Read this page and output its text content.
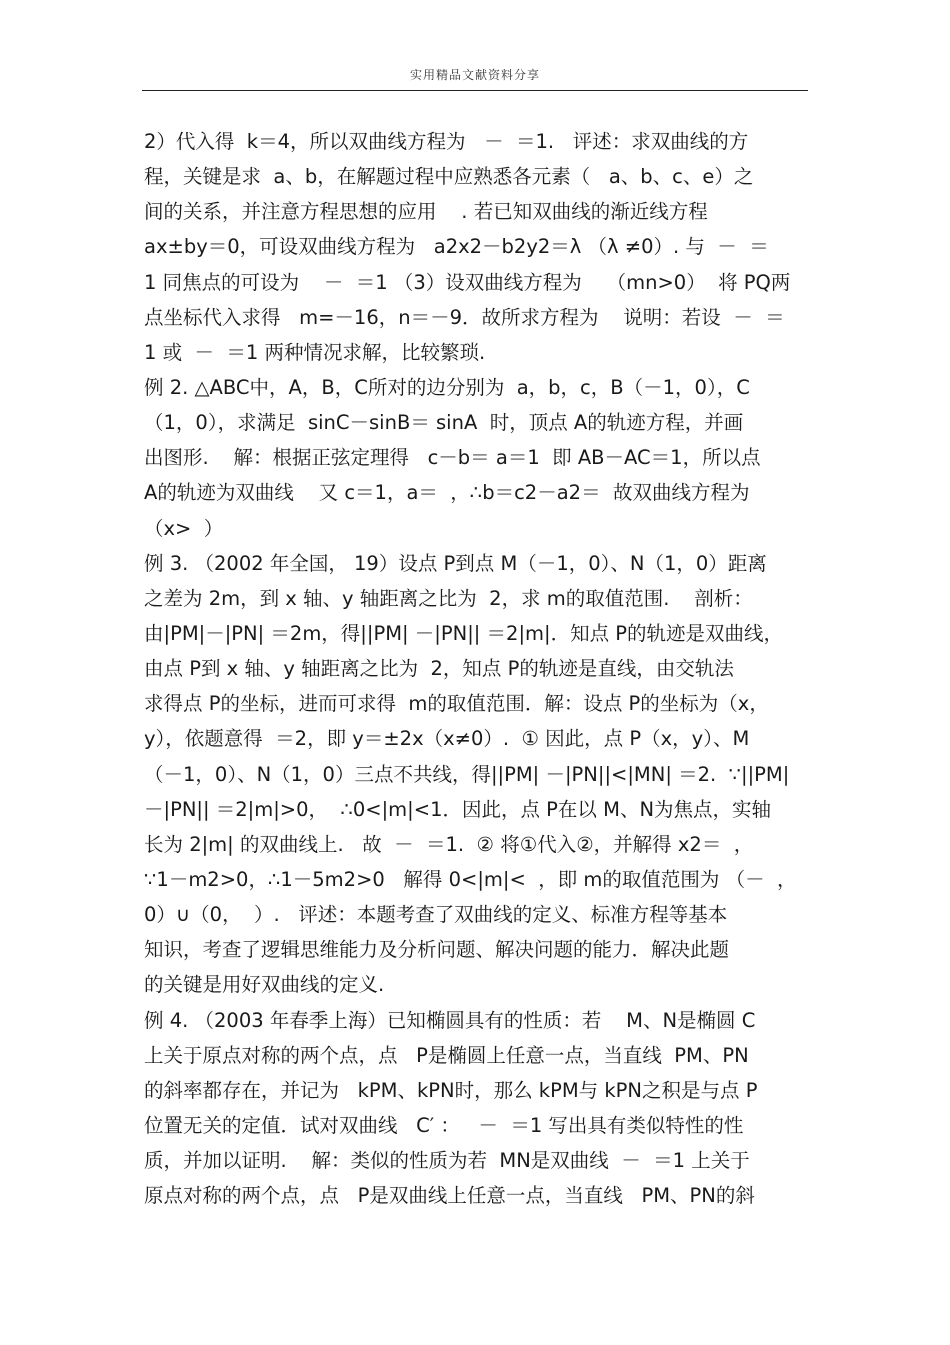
实用精品文献资料分享
2）代入得  k＝4，所以双曲线方程为   －  ＝1.   评述：求双曲线的方
程，关键是求  a、b，在解题过程中应熟悉各元素（   a、b、c、e）之
间的关系，并注意方程思想的应用    . 若已知双曲线的渐近线方程
ax±by＝0，可设双曲线方程为   a2x2－b2y2＝λ （λ ≠0）. 与  －  ＝
1 同焦点的可设为    －  ＝1 （3）设双曲线方程为    （mn>0）  将 PQ两
点坐标代入求得   m=－16，n＝－9．故所求方程为    说明：若设  －  ＝
1 或  －  ＝1 两种情况求解，比较繁琐.
例 2. △ABC中，A，B，C所对的边分别为  a，b，c，B（－1，0），C
（1，0），求满足  sinC－sinB＝ sinA  时，顶点 A的轨迹方程，并画
出图形.    解：根据正弦定理得   c－b＝ a＝1  即 AB－AC＝1，所以点
A的轨迹为双曲线    又 c＝1，a＝  ，∴b＝c2－a2＝  故双曲线方程为
（x>  ）
例 3. （2002 年全国， 19）设点 P到点 M（－1，0）、N（1，0）距离
之差为 2m，到 x 轴、y 轴距离之比为  2，求 m的取值范围.    剖析：
由|PM|－|PN| ＝2m，得||PM| －|PN|| ＝2|m|．知点 P的轨迹是双曲线，
由点 P到 x 轴、y 轴距离之比为  2，知点 P的轨迹是直线，由交轨法
求得点 P的坐标，进而可求得  m的取值范围．解：设点 P的坐标为（x，
y），依题意得  ＝2，即 y＝±2x（x≠0）.  ① 因此，点 P（x，y）、M
（－1，0）、N（1，0）三点不共线，得||PM| －|PN||<|MN| ＝2.  ∵||PM|
－|PN|| ＝2|m|>0，  ∴0<|m|<1．因此，点 P在以 M、N为焦点，实轴
长为 2|m| 的双曲线上.   故  －  ＝1.  ② 将①代入②，并解得 x2＝  ，
∵1－m2>0，∴1－5m2>0   解得 0<|m|<  ，即 m的取值范围为 （－  ，
0）∪（0，  ）.   评述：本题考查了双曲线的定义、标准方程等基本
知识，考查了逻辑思维能力及分析问题、解决问题的能力．解决此题
的关键是用好双曲线的定义.
例 4. （2003 年春季上海）已知椭圆具有的性质：若    M、N是椭圆 C
上关于原点对称的两个点，点   P是椭圆上任意一点，当直线  PM、PN
的斜率都存在，并记为   kPM、kPN时，那么 kPM与 kPN之积是与点 P
位置无关的定值．试对双曲线   C′ ：   －  ＝1 写出具有类似特性的性
质，并加以证明.    解：类似的性质为若  MN是双曲线  －  ＝1 上关于
原点对称的两个点，点   P是双曲线上任意一点，当直线   PM、PN的斜
